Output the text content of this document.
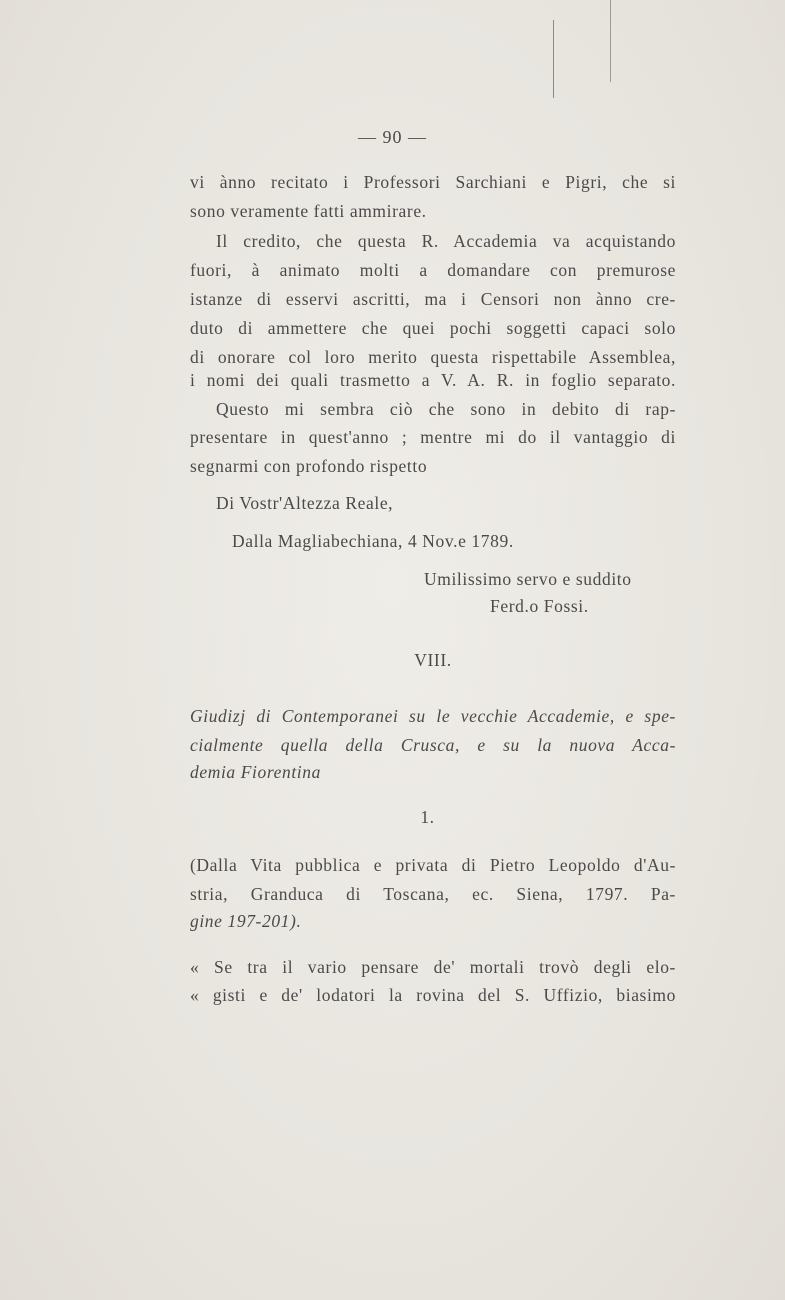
— 90 —
vi ànno recitato i Professori Sarchiani e Pigri, che si
sono veramente fatti ammirare.
Il credito, che questa R. Accademia va acquistando
fuori, à animato molti a domandare con premurose
istanze di esservi ascritti, ma i Censori non ànno cre-
duto di ammettere che quei pochi soggetti capaci solo
di onorare col loro merito questa rispettabile Assemblea,
i nomi dei quali trasmetto a V. A. R. in foglio separato.
Questo mi sembra ciò che sono in debito di rap-
presentare in quest'anno ; mentre mi do il vantaggio di
segnarmi con profondo rispetto
Di Vostr'Altezza Reale,
Dalla Magliabechiana, 4 Nov.e 1789.
Umilissimo servo e suddito
Ferd.o Fossi.
VIII.
Giudizj di Contemporanei su le vecchie Accademie, e spe-
cialmente quella della Crusca, e su la nuova Acca-
demia Fiorentina
1.
(Dalla Vita pubblica e privata di Pietro Leopoldo d'Au-
stria, Granduca di Toscana, ec. Siena, 1797. Pa-
gine 197-201).
« Se tra il vario pensare de' mortali trovò degli elo-
« gisti e de' lodatori la rovina del S. Uffizio, biasimo
